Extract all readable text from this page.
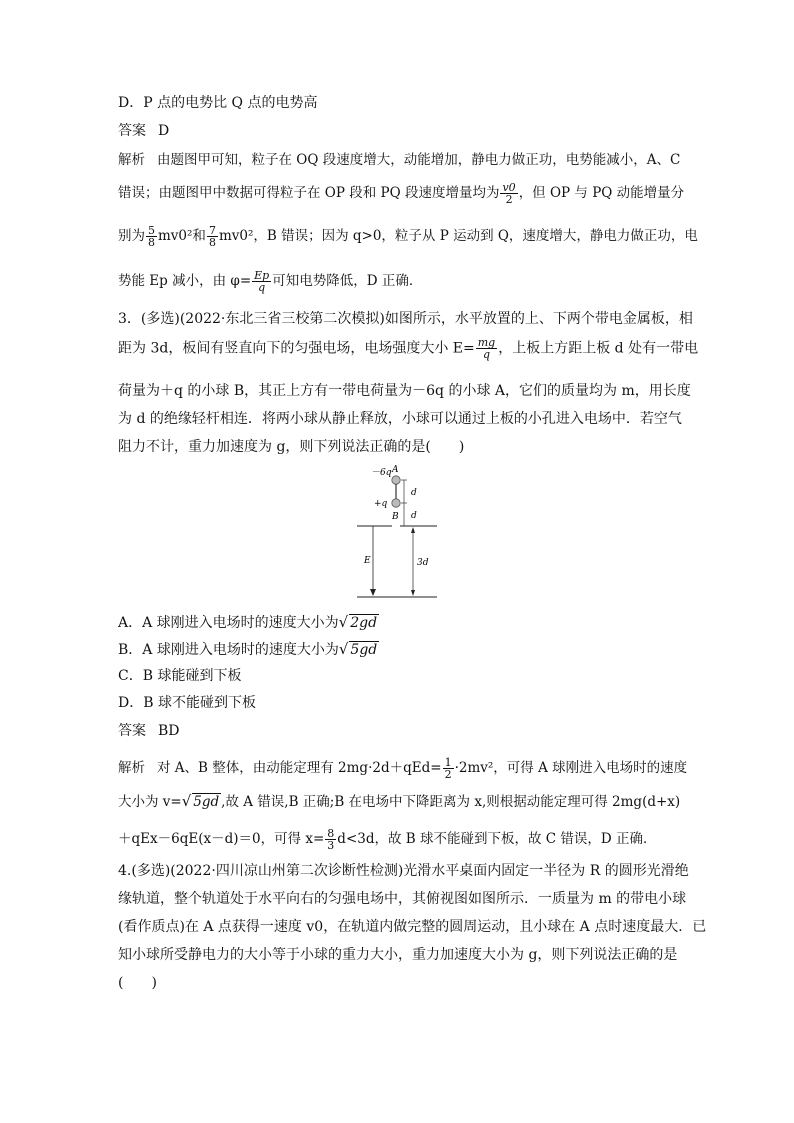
D．P 点的电势比 Q 点的电势高
答案 D
解析 由题图甲可知，粒子在 OQ 段速度增大，动能增加，静电力做正功，电势能减小，A、C
错误；由题图甲中数据可得粒子在 OP 段和 PQ 段速度增量均为 $\frac{v0}{2}$ ，但 OP 与 PQ 动能增量分
别为 $\frac{5}{8} mv0^2$和 $\frac{7}{8} mv0^2$，B 错误；因为 q>0，粒子从 P 运动到 Q，速度增大，静电力做正功，电
势能 Ep 减小，由 $\varphi= \frac{Ep}{q}$ 可知电势降低，D 正确．
3．(多选)(2022·东北三省三校第二次模拟)如图所示，水平放置的上、下两个带电金属板，相
距为 3d，板间有竖直向下的匀强电场，电场强度大小 $E= \frac{mg}{q}$ ，上板上方距上板 d 处有一带电
荷量为＋q 的小球 B，其正上方有一带电荷量为－6q 的小球 A，它们的质量均为 m，用长度
为 d 的绝缘轻杆相连．将两小球从静止释放，小球可以通过上板的小孔进入电场中．若空气
阻力不计，重力加速度为 g，则下列说法正确的是(　　)
－6q A
+q
B
d
d
E	3d
A．A 球刚进入电场时的速度大小为√ 2gd
B．A 球刚进入电场时的速度大小为√ 5gd
C．B 球能碰到下板
D．B 球不能碰到下板
答案 BD
解析 对 A、B 整体，由动能定理有 $2mg\cdot 2d+qEd= \frac{1}{2} \cdot 2mv^2$，可得 A 球刚进入电场时的速度
大小为 v=√ 5gd ,故 A 错误,B 正确;B 在电场中下降距离为 x,则根据动能定理可得 2mg(d+x)
＋qEx－6qE(x－d)＝0，可得 $x= \frac{8}{3} d<3d$，故 B 球不能碰到下板，故 C 错误，D 正确．
4.(多选)(2022·四川凉山州第二次诊断性检测)光滑水平桌面内固定一半径为 R 的圆形光滑绝
缘轨道，整个轨道处于水平向右的匀强电场中，其俯视图如图所示．一质量为 m 的带电小球
(看作质点)在 A 点获得一速度 v0，在轨道内做完整的圆周运动，且小球在 A 点时速度最大．已
知小球所受静电力的大小等于小球的重力大小，重力加速度大小为 g，则下列说法正确的是
(　　)
